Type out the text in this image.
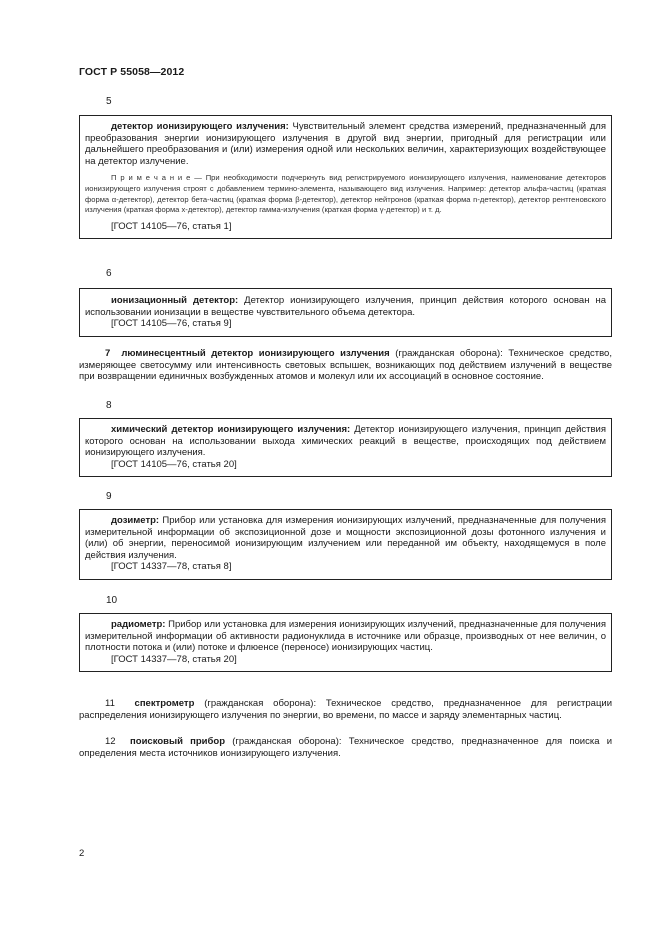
ГОСТ Р 55058—2012
5

детектор ионизирующего излучения: Чувствительный элемент средства измерений, предназначенный для преобразования энергии ионизирующего излучения в другой вид энергии, пригодный для регистрации или дальнейшего преобразования и (или) измерения одной или нескольких величин, характеризующих воздействующее на детектор излучение.

П р и м е ч а н и е — При необходимости подчеркнуть вид регистрируемого ионизирующего излучения, наименование детекторов ионизирующего излучения строят с добавлением термино-элемента, называющего вид излучения. Например: детектор альфа-частиц (краткая форма α-детектор), детектор бета-частиц (краткая форма β-детектор), детектор нейтронов (краткая форма n-детектор), детектор рентгеновского излучения (краткая форма x-детектор), детектор гамма-излучения (краткая форма γ-детектор) и т. д.

[ГОСТ 14105—76, статья 1]

6

ионизационный детектор: Детектор ионизирующего излучения, принцип действия которого основан на использовании ионизации в веществе чувствительного объема детектора.

[ГОСТ 14105—76, статья 9]

7 люминесцентный детектор ионизирующего излучения (гражданская оборона): Техническое средство, измеряющее светосумму или интенсивность световых вспышек, возникающих под действием излучений в веществе при возвращении единичных возбужденных атомов и молекул или их ассоциаций в основное состояние.

8

химический детектор ионизирующего излучения: Детектор ионизирующего излучения, принцип действия которого основан на использовании выхода химических реакций в веществе, происходящих под действием ионизирующего излучения.

[ГОСТ 14105—76, статья 20]

9

дозиметр: Прибор или установка для измерения ионизирующих излучений, предназначенные для получения измерительной информации об экспозиционной дозе и мощности экспозиционной дозы фотонного излучения и (или) об энергии, переносимой ионизирующим излучением или переданной им объекту, находящемуся в поле действия излучения.

[ГОСТ 14337—78, статья 8]

10

радиометр: Прибор или установка для измерения ионизирующих излучений, предназначенные для получения измерительной информации об активности радионуклида в источнике или образце, производных от нее величин, о плотности потока и (или) потоке и флюенсе (переносе) ионизирующих частиц.

[ГОСТ 14337—78, статья 20]

11 спектрометр (гражданская оборона): Техническое средство, предназначенное для регистрации распределения ионизирующего излучения по энергии, во времени, по массе и заряду элементарных частиц.

12 поисковый прибор (гражданская оборона): Техническое средство, предназначенное для поиска и определения места источников ионизирующего излучения.

2
